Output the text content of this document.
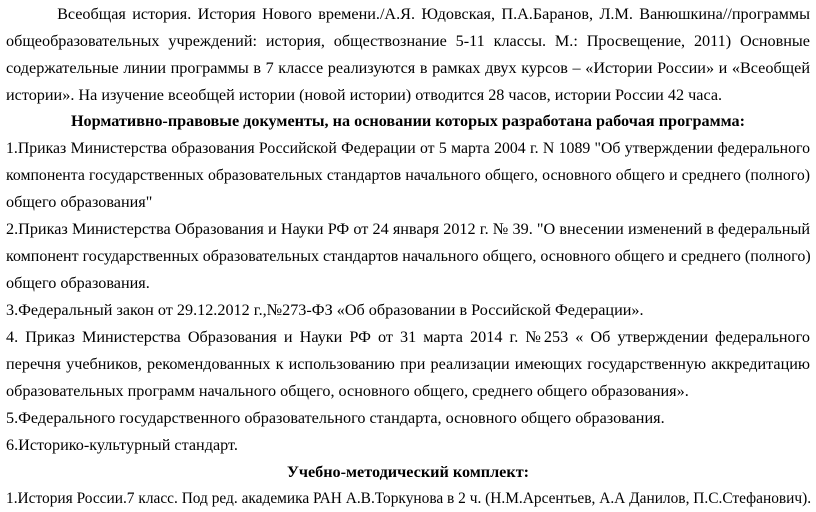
Всеобщая история. История Нового времени./А.Я. Юдовская, П.А.Баранов, Л.М. Ванюшкина//программы
общеобразовательных учреждений: история, обществознание 5-11 классы. М.: Просвещение, 2011) Основные
содержательные линии программы в 7 классе реализуются в рамках двух курсов – «Истории России» и «Всеобщей
истории». На изучение всеобщей истории (новой истории) отводится 28 часов, истории России 42 часа.
Нормативно-правовые документы, на основании которых разработана рабочая программа:
1.Приказ Министерства образования Российской Федерации от 5 марта 2004 г. N 1089 "Об утверждении федерального
компонента государственных образовательных стандартов начального общего, основного общего и среднего (полного)
общего образования"
2.Приказ Министерства Образования и Науки РФ от 24 января 2012 г. № 39. "О внесении изменений в федеральный
компонент государственных образовательных стандартов начального общего, основного общего и среднего (полного)
общего образования.
3.Федеральный закон от 29.12.2012 г.,№273-ФЗ «Об образовании в Российской Федерации».
4. Приказ Министерства Образования и Науки РФ от 31 марта 2014 г. №253 « Об утверждении федерального
перечня учебников, рекомендованных к использованию при реализации имеющих государственную аккредитацию
образовательных программ начального общего, основного общего, среднего общего образования».
5.Федерального государственного образовательного стандарта, основного общего образования.
6.Историко-культурный стандарт.
Учебно-методический комплект:
1.История России.7 класс. Под ред. академика РАН А.В.Торкунова в 2 ч. (Н.М.Арсентьев, А.А Данилов, П.С.Стефанович).
